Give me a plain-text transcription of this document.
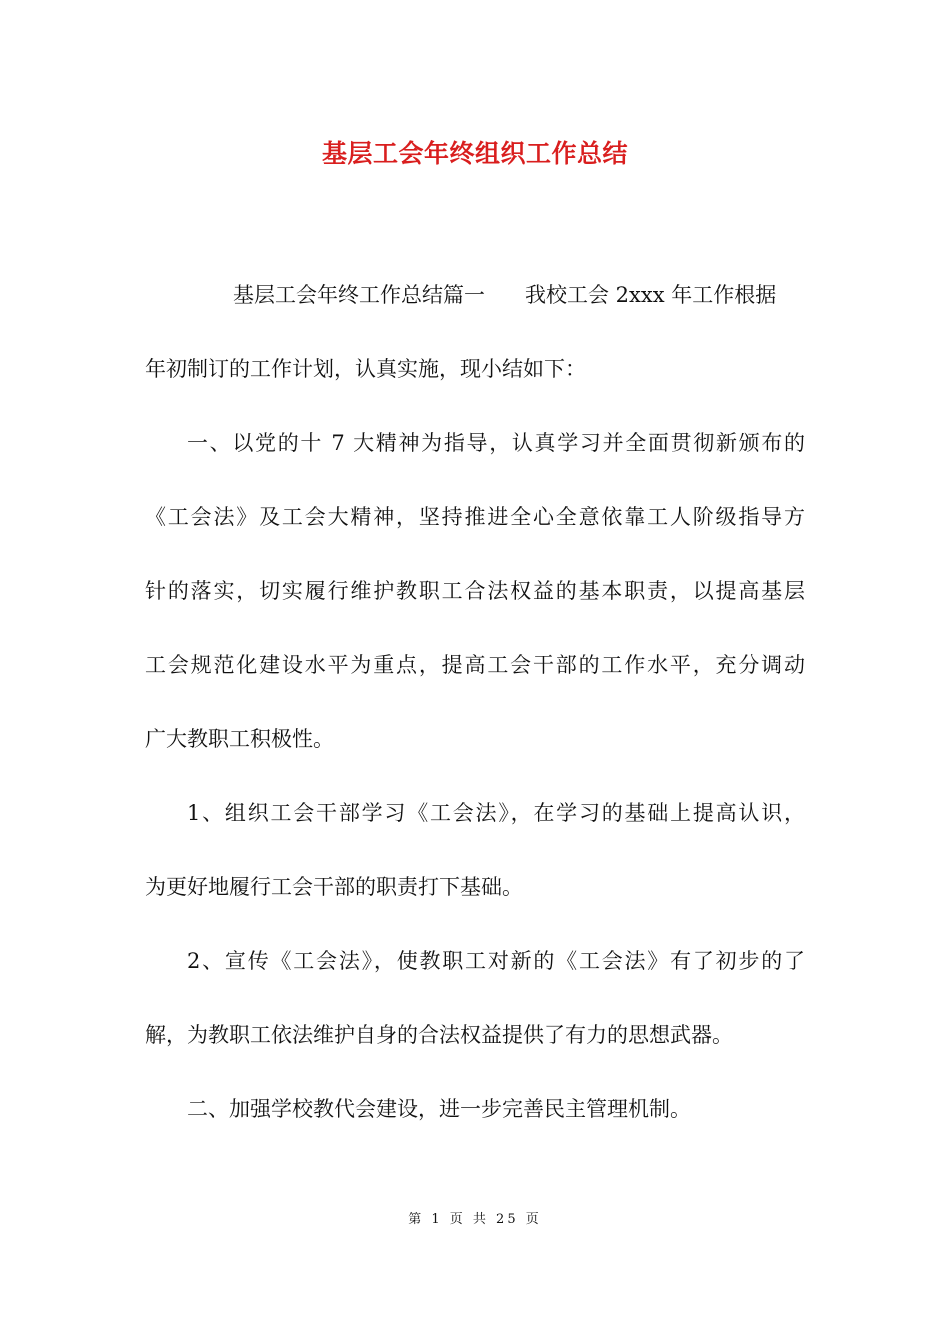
基层工会年终组织工作总结
基层工会年终工作总结篇一 我校工会 2xxx 年工作根据
年初制订的工作计划，认真实施，现小结如下：
一、以党的十 7 大精神为指导，认真学习并全面贯彻新颁布的
《工会法》及工会大精神，坚持推进全心全意依靠工人阶级指导方
针的落实，切实履行维护教职工合法权益的基本职责，以提高基层
工会规范化建设水平为重点，提高工会干部的工作水平，充分调动
广大教职工积极性。
1、组织工会干部学习《工会法》，在学习的基础上提高认识，
为更好地履行工会干部的职责打下基础。
2、宣传《工会法》，使教职工对新的《工会法》有了初步的了
解，为教职工依法维护自身的合法权益提供了有力的思想武器。
二、加强学校教代会建设，进一步完善民主管理机制。
第 1 页 共 25 页
